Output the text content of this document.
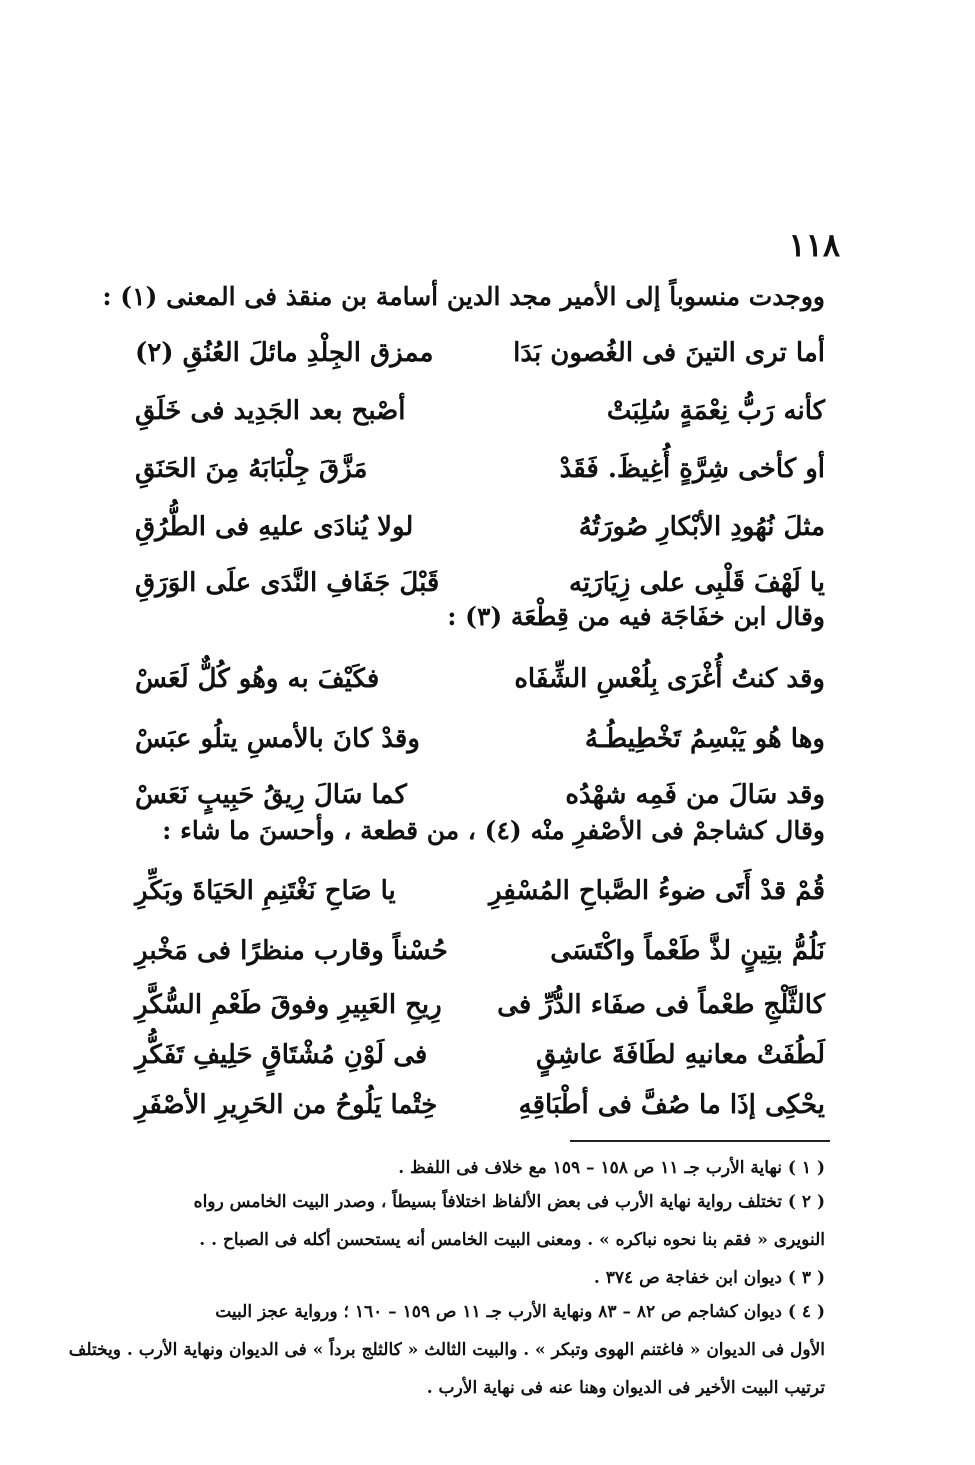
١١٨
ووجدت منسوباً إلى الأمير مجد الدين أسامة بن منقذ فى المعنى (١) :
أما ترى التينَ فى الغُصون بَدَا
ممزق الجِلْدِ مائلَ العُنُقِ (٢)
كأنه رَبُّ نِعْمَةٍ سُلِبَتْ
أصْبح بعد الجَدِيد فى خَلَقِ
أو كأخى شِرَّةٍ أُغِيظَ. فَقَدْ
مَزَّقَ جِلْبَابَهُ مِنَ الحَنَقِ
مثلَ نُهُودِ الأبْكارِ صُورَتُهُ
لولا يُنادَى عليهِ فى الطُّرُقِ
يا لَهْفَ قَلْبِى على زِيَارَتِه
قَبْلَ جَفَافِ النَّدَى علَى الوَرَقِ
وقال ابن خفَاجَة فيه من قِطْعَة (٣) :
وقد كنتُ أُغْرَى بِلُعْسِ الشِّفَاه
فكَيْفَ به وهُو كُلٌّ لَعَسْ
وها هُو يَبْسِمُ تَخْطِيطُـهُ
وقدْ كانَ بالأمسِ يتلُو عبَسْ
وقد سَالَ من فَمِه شهْدُه
كما سَالَ رِيقُ حَبِيبٍ نَعَسْ
وقال كشاجمْ فى الأصْفرِ منْه (٤) ، من قطعة ، وأحسنَ ما شاء :
قُمْ قدْ أَتَى ضوءُ الصَّباحِ المُسْفِرِ
يا صَاحِ نَغْتَنِمِ الحَيَاةَ وبَكِّرِ
نَلُمُّ بتِينٍ لذَّ طَعْماً واكْتَسَى
حُسْناً وقارب منظرًا فى مَخْبرِ
كالثَّلْجِ طعْماً فى صفَاء الدُّرِّ فى
رِيحِ العَبِيرِ وفوقَ طَعْمِ السُّكَّرِ
لَطُفَتْ معانيهِ لطَافَةَ عاشِقٍ
فى لَوْنِ مُشْتَاقٍ حَلِيفِ تَفَكُّرِ
يحْكِى إذَا ما صُفَّ فى أطْبَاقِهِ
خِتْما يَلُوحُ من الحَرِيرِ الأصْفَرِ
( ١ ) نهاية الأرب جـ ١١ ص ١٥٨ – ١٥٩ مع خلاف فى اللفظ .
( ٢ ) تختلف رواية نهاية الأرب فى بعض الألفاظ اختلافاً بسيطاً ، وصدر البيت الخامس رواه
النويرى « فقم بنا نحوه نباكره » . ومعنى البيت الخامس أنه يستحسن أكله فى الصباح . .
( ٣ ) ديوان ابن خفاجة ص ٣٧٤ .
( ٤ ) ديوان كشاجم ص ٨٢ – ٨٣ ونهاية الأرب جـ ١١ ص ١٥٩ – ١٦٠ ؛ ورواية عجز البيت
الأول فى الديوان « فاغتنم الهوى وتبكر » . والبيت الثالث « كالثلج برداً » فى الديوان ونهاية الأرب . ويختلف
ترتيب البيت الأخير فى الديوان وهنا عنه فى نهاية الأرب .
